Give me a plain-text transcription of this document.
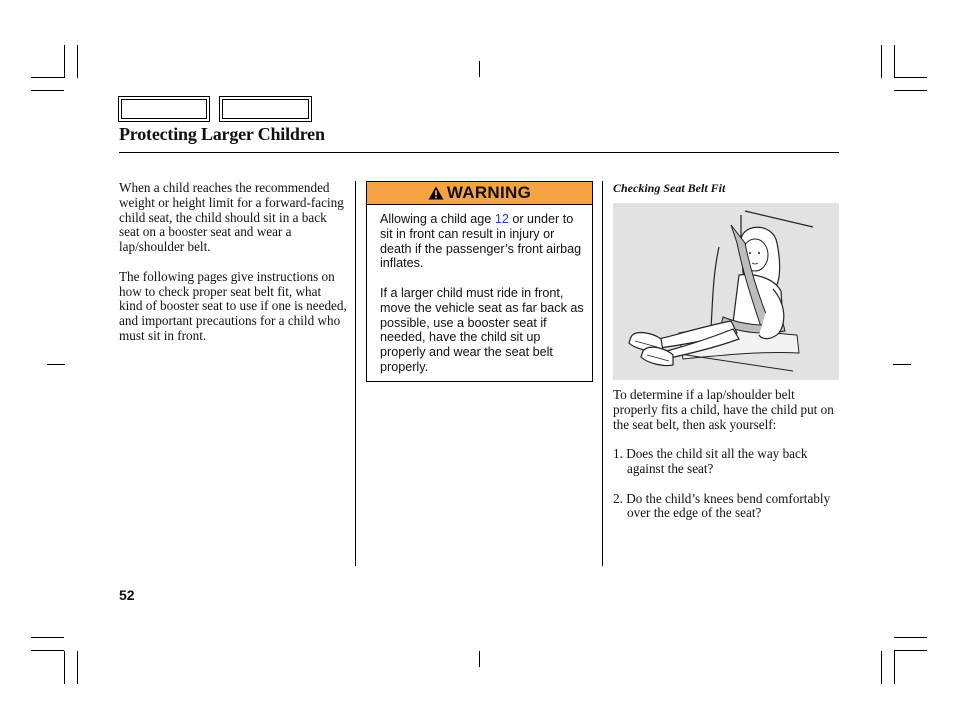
Protecting Larger Children

When a child reaches the recommended weight or height limit for a forward-facing child seat, the child should sit in a back seat on a booster seat and wear a lap/shoulder belt.

The following pages give instructions on how to check proper seat belt fit, what kind of booster seat to use if one is needed, and important precautions for a child who must sit in front.

WARNING

Allowing a child age 12 or under to sit in front can result in injury or death if the passenger’s front airbag inflates.

If a larger child must ride in front, move the vehicle seat as far back as possible, use a booster seat if needed, have the child sit up properly and wear the seat belt properly.

Checking Seat Belt Fit

To determine if a lap/shoulder belt properly fits a child, have the child put on the seat belt, then ask yourself:

1. Does the child sit all the way back against the seat?

2. Do the child’s knees bend comfortably over the edge of the seat?

52
